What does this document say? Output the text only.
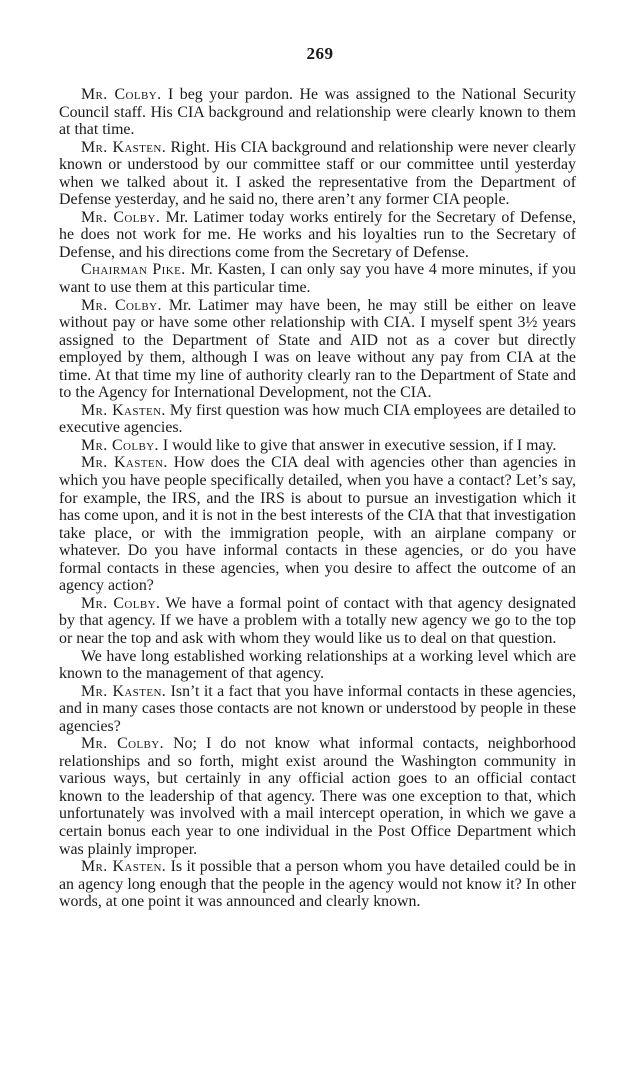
269

Mr. Colby. I beg your pardon. He was assigned to the National Security Council staff. His CIA background and relationship were clearly known to them at that time.

Mr. Kasten. Right. His CIA background and relationship were never clearly known or understood by our committee staff or our committee until yesterday when we talked about it. I asked the representative from the Department of Defense yesterday, and he said no, there aren’t any former CIA people.

Mr. Colby. Mr. Latimer today works entirely for the Secretary of Defense, he does not work for me. He works and his loyalties run to the Secretary of Defense, and his directions come from the Secretary of Defense.

Chairman Pike. Mr. Kasten, I can only say you have 4 more minutes, if you want to use them at this particular time.

Mr. Colby. Mr. Latimer may have been, he may still be either on leave without pay or have some other relationship with CIA. I myself spent 3½ years assigned to the Department of State and AID not as a cover but directly employed by them, although I was on leave without any pay from CIA at the time. At that time my line of authority clearly ran to the Department of State and to the Agency for International Development, not the CIA.

Mr. Kasten. My first question was how much CIA employees are detailed to executive agencies.

Mr. Colby. I would like to give that answer in executive session, if I may.

Mr. Kasten. How does the CIA deal with agencies other than agencies in which you have people specifically detailed, when you have a contact? Let’s say, for example, the IRS, and the IRS is about to pursue an investigation which it has come upon, and it is not in the best interests of the CIA that that investigation take place, or with the immigration people, with an airplane company or whatever. Do you have informal contacts in these agencies, or do you have formal contacts in these agencies, when you desire to affect the outcome of an agency action?

Mr. Colby. We have a formal point of contact with that agency designated by that agency. If we have a problem with a totally new agency we go to the top or near the top and ask with whom they would like us to deal on that question.

We have long established working relationships at a working level which are known to the management of that agency.

Mr. Kasten. Isn’t it a fact that you have informal contacts in these agencies, and in many cases those contacts are not known or understood by people in these agencies?

Mr. Colby. No; I do not know what informal contacts, neighborhood relationships and so forth, might exist around the Washington community in various ways, but certainly in any official action goes to an official contact known to the leadership of that agency. There was one exception to that, which unfortunately was involved with a mail intercept operation, in which we gave a certain bonus each year to one individual in the Post Office Department which was plainly improper.

Mr. Kasten. Is it possible that a person whom you have detailed could be in an agency long enough that the people in the agency would not know it? In other words, at one point it was announced and clearly known.
